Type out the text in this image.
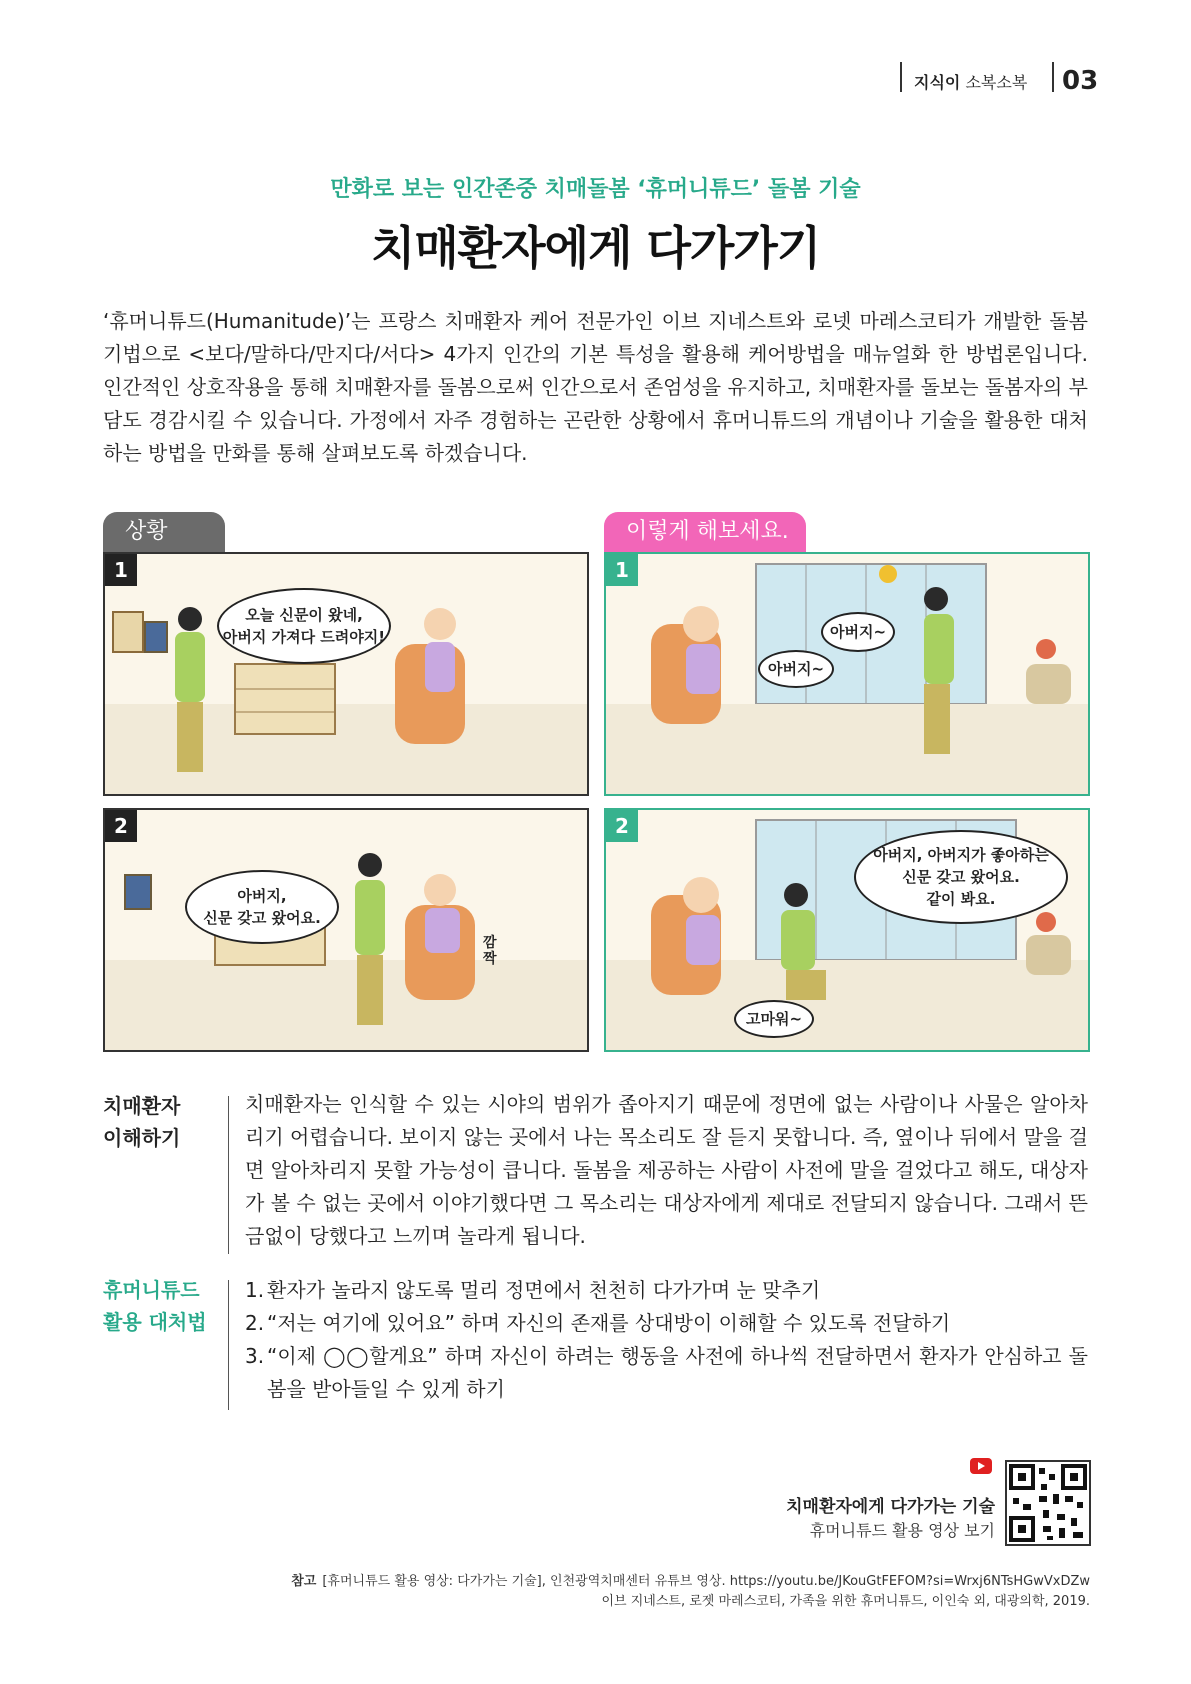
지식이 소복소복 03
만화로 보는 인간존중 치매돌봄 ‘휴머니튜드’ 돌봄 기술
치매환자에게 다가가기
‘휴머니튜드(Humanitude)’는 프랑스 치매환자 케어 전문가인 이브 지네스트와 로넷 마레스코티가 개발한 돌봄기법으로 <보다/말하다/만지다/서다> 4가지 인간의 기본 특성을 활용해 케어방법을 매뉴얼화 한 방법론입니다. 인간적인 상호작용을 통해 치매환자를 돌봄으로써 인간으로서 존엄성을 유지하고, 치매환자를 돌보는 돌봄자의 부담도 경감시킬 수 있습니다. 가정에서 자주 경험하는 곤란한 상황에서 휴머니튜드의 개념이나 기술을 활용한 대처하는 방법을 만화를 통해 살펴보도록 하겠습니다.
상황	이렇게 해보세요.
1
오늘 신문이 왔네,
아버지 가져다 드려야지!
2
아버지,
신문 갖고 왔어요.
깜
짝
1
아버지~
아버지~
2
아버지, 아버지가 좋아하는
신문 갖고 왔어요.
같이 봐요.
고마워~
치매환자
이해하기
치매환자는 인식할 수 있는 시야의 범위가 좁아지기 때문에 정면에 없는 사람이나 사물은 알아차리기 어렵습니다. 보이지 않는 곳에서 나는 목소리도 잘 듣지 못합니다. 즉, 옆이나 뒤에서 말을 걸면 알아차리지 못할 가능성이 큽니다. 돌봄을 제공하는 사람이 사전에 말을 걸었다고 해도, 대상자가 볼 수 없는 곳에서 이야기했다면 그 목소리는 대상자에게 제대로 전달되지 않습니다. 그래서 뜬금없이 당했다고 느끼며 놀라게 됩니다.
휴머니튜드
활용 대처법
1. 환자가 놀라지 않도록 멀리 정면에서 천천히 다가가며 눈 맞추기
2. “저는 여기에 있어요” 하며 자신의 존재를 상대방이 이해할 수 있도록 전달하기
3. “이제 ◯◯할게요” 하며 자신이 하려는 행동을 사전에 하나씩 전달하면서 환자가 안심하고 돌봄을 받아들일 수 있게 하기
치매환자에게 다가가는 기술
휴머니튜드 활용 영상 보기
참고 [휴머니튜드 활용 영상: 다가가는 기술], 인천광역치매센터 유튜브 영상. https://youtu.be/JKouGtFEFOM?si=Wrxj6NTsHGwVxDZw
이브 지네스트, 로젯 마레스코티, 가족을 위한 휴머니튜드, 이인숙 외, 대광의학, 2019.
